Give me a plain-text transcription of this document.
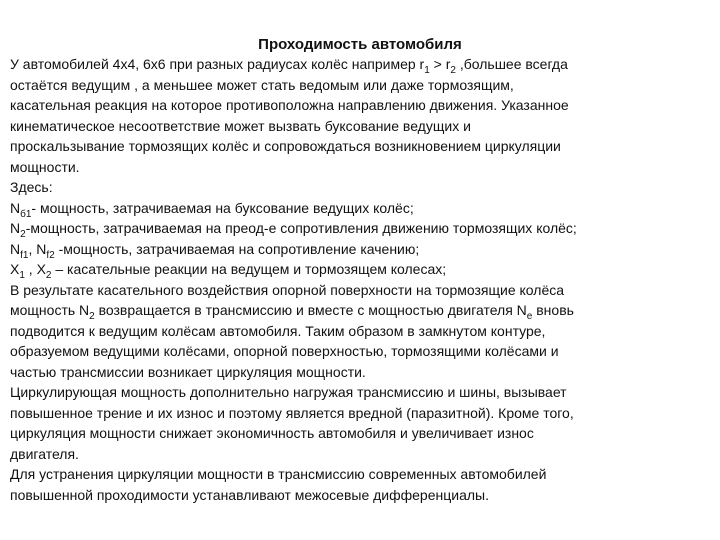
Проходимость автомобиля
У автомобилей 4х4, 6х6 при разных радиусах колёс например $r_1 > r_2$ ,большее всегда
остаётся ведущим , а меньшее может стать ведомым или даже тормозящим,
касательная реакция на которое противоположна направлению движения. Указанное
кинематическое несоответствие может вызвать буксование ведущих и
проскальзывание тормозящих колёс и сопровождаться возникновением циркуляции
мощности.
Здесь:
$N_{б1}-$ мощность, затрачиваемая на буксование ведущих колёс;
$N_2$-мощность, затрачиваемая на преод-е сопротивления движению тормозящих колёс;
$N_{f1}$, $N_{f2}$ -мощность, затрачиваемая на сопротивление качению;
$X_1$ , $X_2$ – касательные реакции на ведущем и тормозящем колесах;
В результате касательного воздействия опорной поверхности на тормозящие колёса
мощность $N_2$ возвращается в трансмиссию и вместе с мощностью двигателя $N_e$ вновь
подводится к ведущим колёсам автомобиля. Таким образом в замкнутом контуре,
образуемом ведущими колёсами, опорной поверхностью, тормозящими колёсами и
частью трансмиссии возникает циркуляция мощности.
Циркулирующая мощность дополнительно нагружая трансмиссию и шины, вызывает
повышенное трение и их износ и поэтому является вредной (паразитной). Кроме того,
циркуляция мощности снижает экономичность автомобиля и увеличивает износ
двигателя.
Для устранения циркуляции мощности в трансмиссию современных автомобилей
повышенной проходимости устанавливают межосевые дифференциалы.
